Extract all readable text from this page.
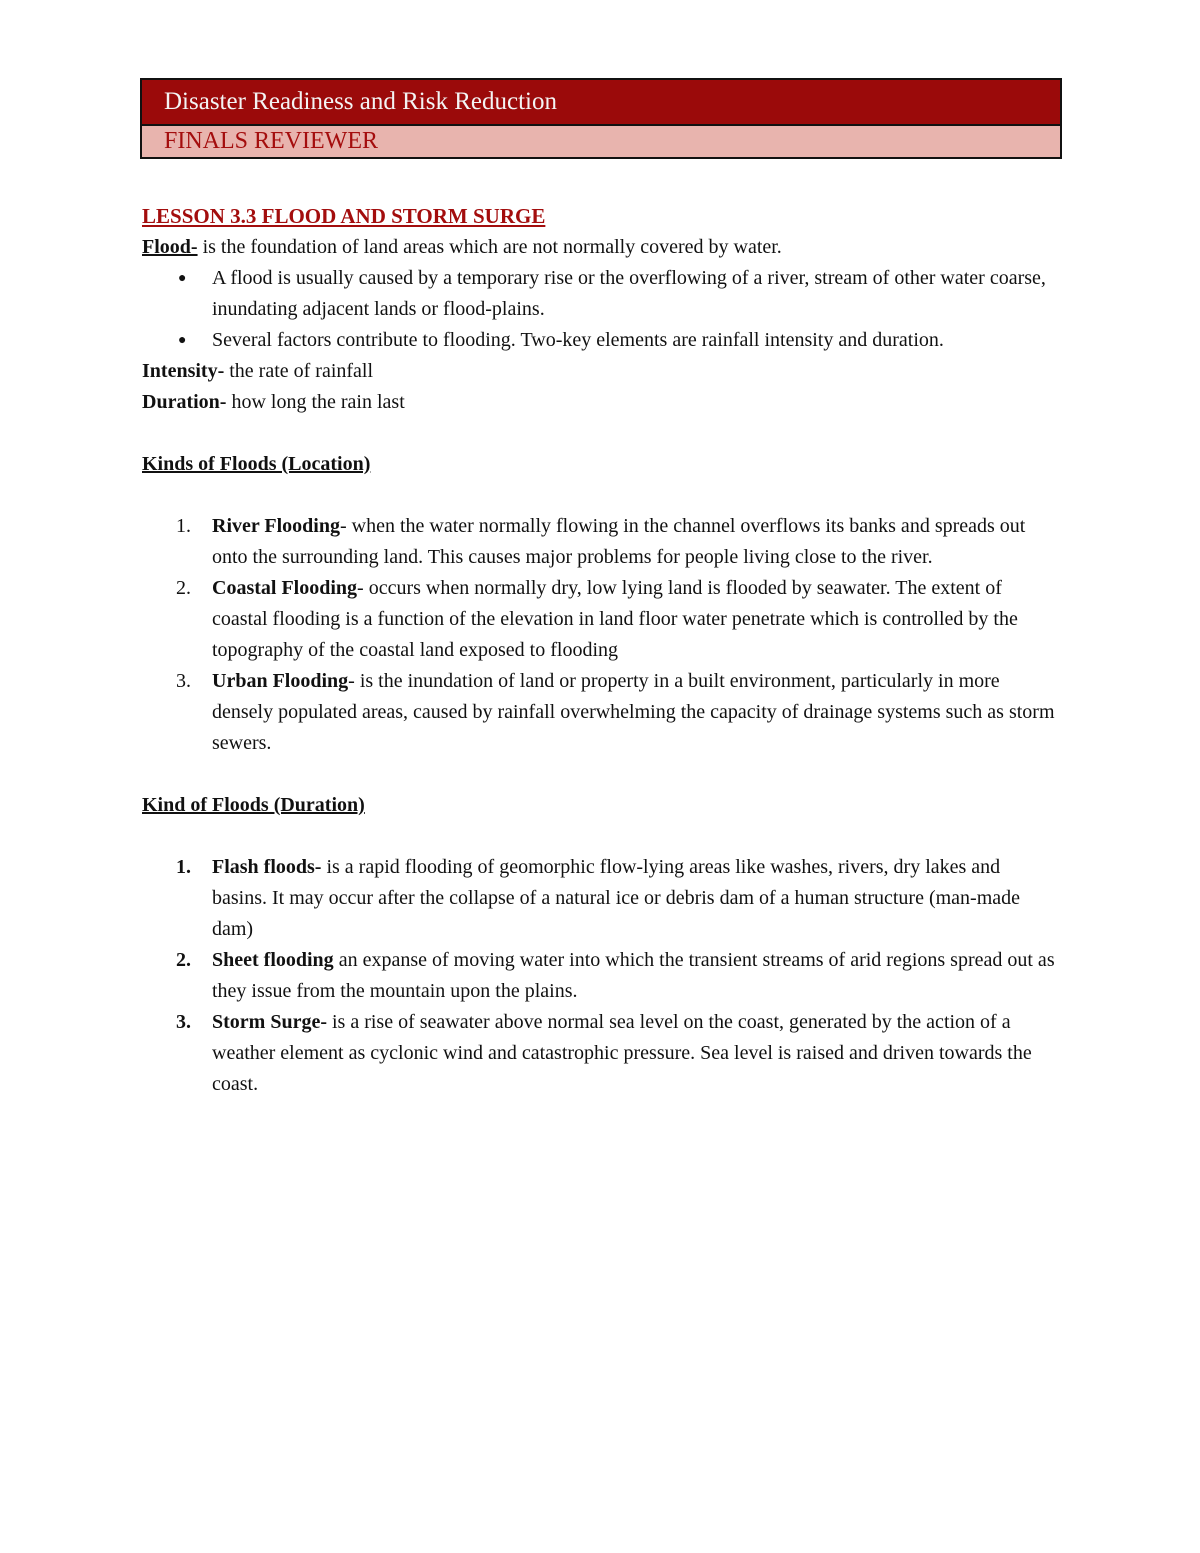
Disaster Readiness and Risk Reduction
FINALS REVIEWER

LESSON 3.3 FLOOD AND STORM SURGE

Flood- is the foundation of land areas which are not normally covered by water.

● A flood is usually caused by a temporary rise or the overflowing of a river, stream of other water coarse, inundating adjacent lands or flood-plains.
● Several factors contribute to flooding. Two-key elements are rainfall intensity and duration.

Intensity- the rate of rainfall

Duration- how long the rain last

Kinds of Floods (Location)

1. River Flooding- when the water normally flowing in the channel overflows its banks and spreads out onto the surrounding land. This causes major problems for people living close to the river.
2. Coastal Flooding- occurs when normally dry, low lying land is flooded by seawater. The extent of coastal flooding is a function of the elevation in land floor water penetrate which is controlled by the topography of the coastal land exposed to flooding
3. Urban Flooding- is the inundation of land or property in a built environment, particularly in more densely populated areas, caused by rainfall overwhelming the capacity of drainage systems such as storm sewers.

Kind of Floods (Duration)

1. Flash floods- is a rapid flooding of geomorphic flow-lying areas like washes, rivers, dry lakes and basins. It may occur after the collapse of a natural ice or debris dam of a human structure (man-made dam)
2. Sheet flooding an expanse of moving water into which the transient streams of arid regions spread out as they issue from the mountain upon the plains.
3. Storm Surge- is a rise of seawater above normal sea level on the coast, generated by the action of a weather element as cyclonic wind and catastrophic pressure. Sea level is raised and driven towards the coast.
